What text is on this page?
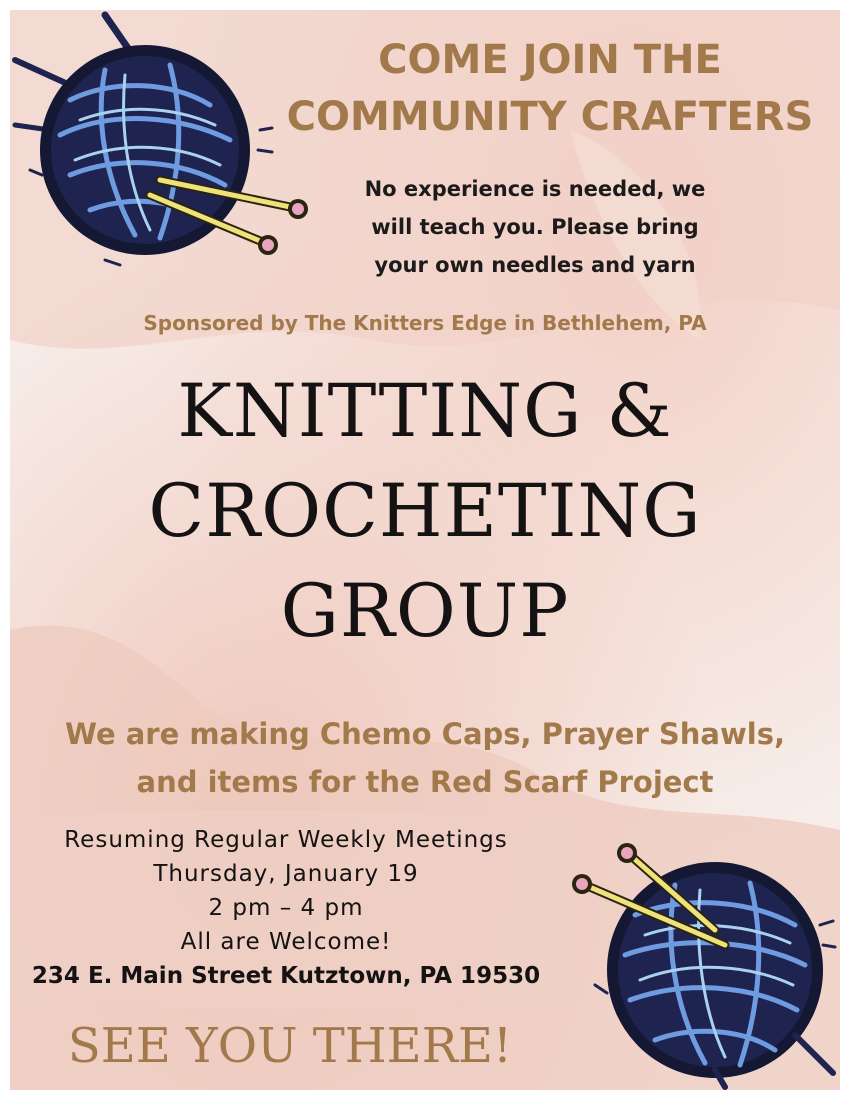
COME JOIN THE
COMMUNITY CRAFTERS
No experience is needed, we
will teach you. Please bring
your own needles and yarn
Sponsored by The Knitters Edge in Bethlehem, PA
KNITTING &
CROCHETING
GROUP
We are making Chemo Caps, Prayer Shawls,
and items for the Red Scarf Project
Resuming Regular Weekly Meetings
Thursday, January 19
2 pm – 4 pm
All are Welcome!
234 E. Main Street Kutztown, PA 19530
SEE YOU THERE!
